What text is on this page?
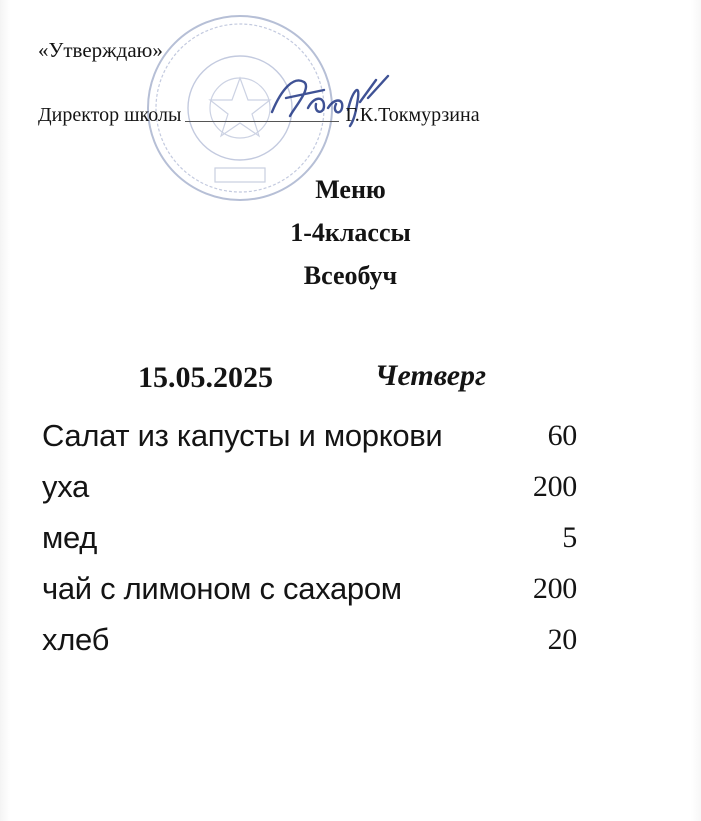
«Утверждаю»
Директор школы	Г.К.Токмурзина
Меню
1-4классы
Всеобуч
15.05.2025	Четверг
Салат из капусты и моркови	60
уха	200
мед	5
чай с лимоном с сахаром	200
хлеб	20
